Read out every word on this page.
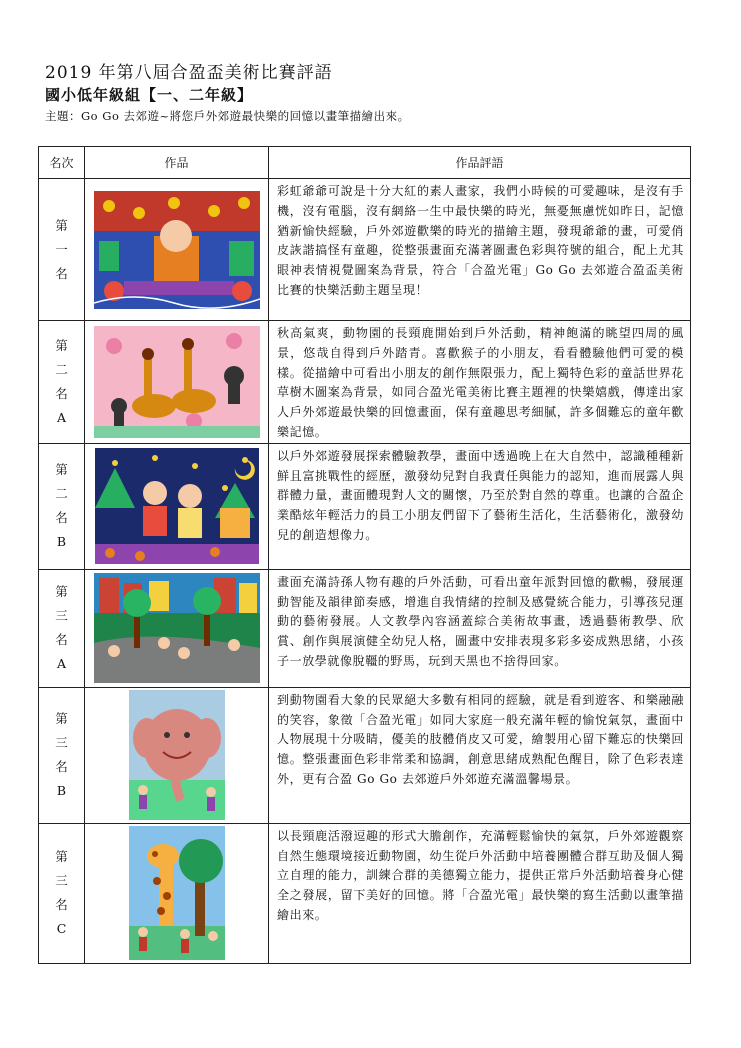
2019 年第八屆合盈盃美術比賽評語
國小低年級組【一、二年級】
主題：Go Go 去郊遊~將您戶外郊遊最快樂的回憶以畫筆描繪出來。
名次	作品	作品評語

第
一
名		彩虹爺爺可說是十分大紅的素人畫家，我們小時候的可愛趣味，是沒有手機，沒有電腦，沒有網絡一生中最快樂的時光，無憂無慮恍如昨日，記憶猶新愉快經驗，戶外郊遊歡樂的時光的描繪主題，發現爺爺的畫，可愛俏皮詼諧搞怪有童趣，從整張畫面充滿著圖畫色彩與符號的組合，配上尤其眼神表情視覺圖案為背景，符合「合盈光電」Go Go 去郊遊合盈盃美術比賽的快樂活動主題呈現！

第
二
名
A		秋高氣爽，動物園的長頸鹿開始到戶外活動，精神飽滿的眺望四周的風景，悠哉自得到戶外踏青。喜歡猴子的小朋友，看看體驗他們可愛的模樣。從描繪中可看出小朋友的創作無限張力，配上獨特色彩的童話世界花草樹木圖案為背景，如同合盈光電美術比賽主題裡的快樂嬉戲，傳達出家人戶外郊遊最快樂的回憶畫面，保有童趣思考細膩，許多個難忘的童年歡樂記憶。

第
二
名
B		以戶外郊遊發展探索體驗教學，畫面中透過晚上在大自然中，認識種種新鮮且富挑戰性的經歷，激發幼兒對自我責任與能力的認知，進而展露人與群體力量，畫面體現對人文的關懷，乃至於對自然的尊重。也讓的合盈企業酷炫年輕活力的員工小朋友們留下了藝術生活化，生活藝術化，激發幼兒的創造想像力。

第
三
名
A		畫面充滿詩孫人物有趣的戶外活動，可看出童年派對回憶的歡暢，發展運動智能及韻律節奏感，增進自我情緒的控制及感覺統合能力，引導孩兒運動的藝術發展。人文教學內容涵蓋綜合美術故事畫，透過藝術教學、欣賞、創作與展演健全幼兒人格，圖畫中安排表現多彩多姿成熟思緒，小孩子一放學就像脫韁的野馬，玩到天黑也不捨得回家。

第
三
名
B		到動物園看大象的民眾絕大多數有相同的經驗，就是看到遊客、和樂融融的笑容，象徵「合盈光電」如同大家庭一般充滿年輕的愉悅氣氛，畫面中人物展現十分吸睛，優美的肢體俏皮又可愛，繪製用心留下難忘的快樂回憶。整張畫面色彩非常柔和協調，創意思緒成熟配色醒目，除了色彩表達外，更有合盈 Go Go 去郊遊戶外郊遊充滿溫馨場景。

第
三
名
C		以長頸鹿活潑逗趣的形式大膽創作，充滿輕鬆愉快的氣氛，戶外郊遊觀察自然生態環境接近動物園，幼生從戶外活動中培養團體合群互助及個人獨立自理的能力，訓練合群的美德獨立能力，提供正常戶外活動培養身心健全之發展，留下美好的回憶。將「合盈光電」最快樂的寫生活動以畫筆描繪出來。
